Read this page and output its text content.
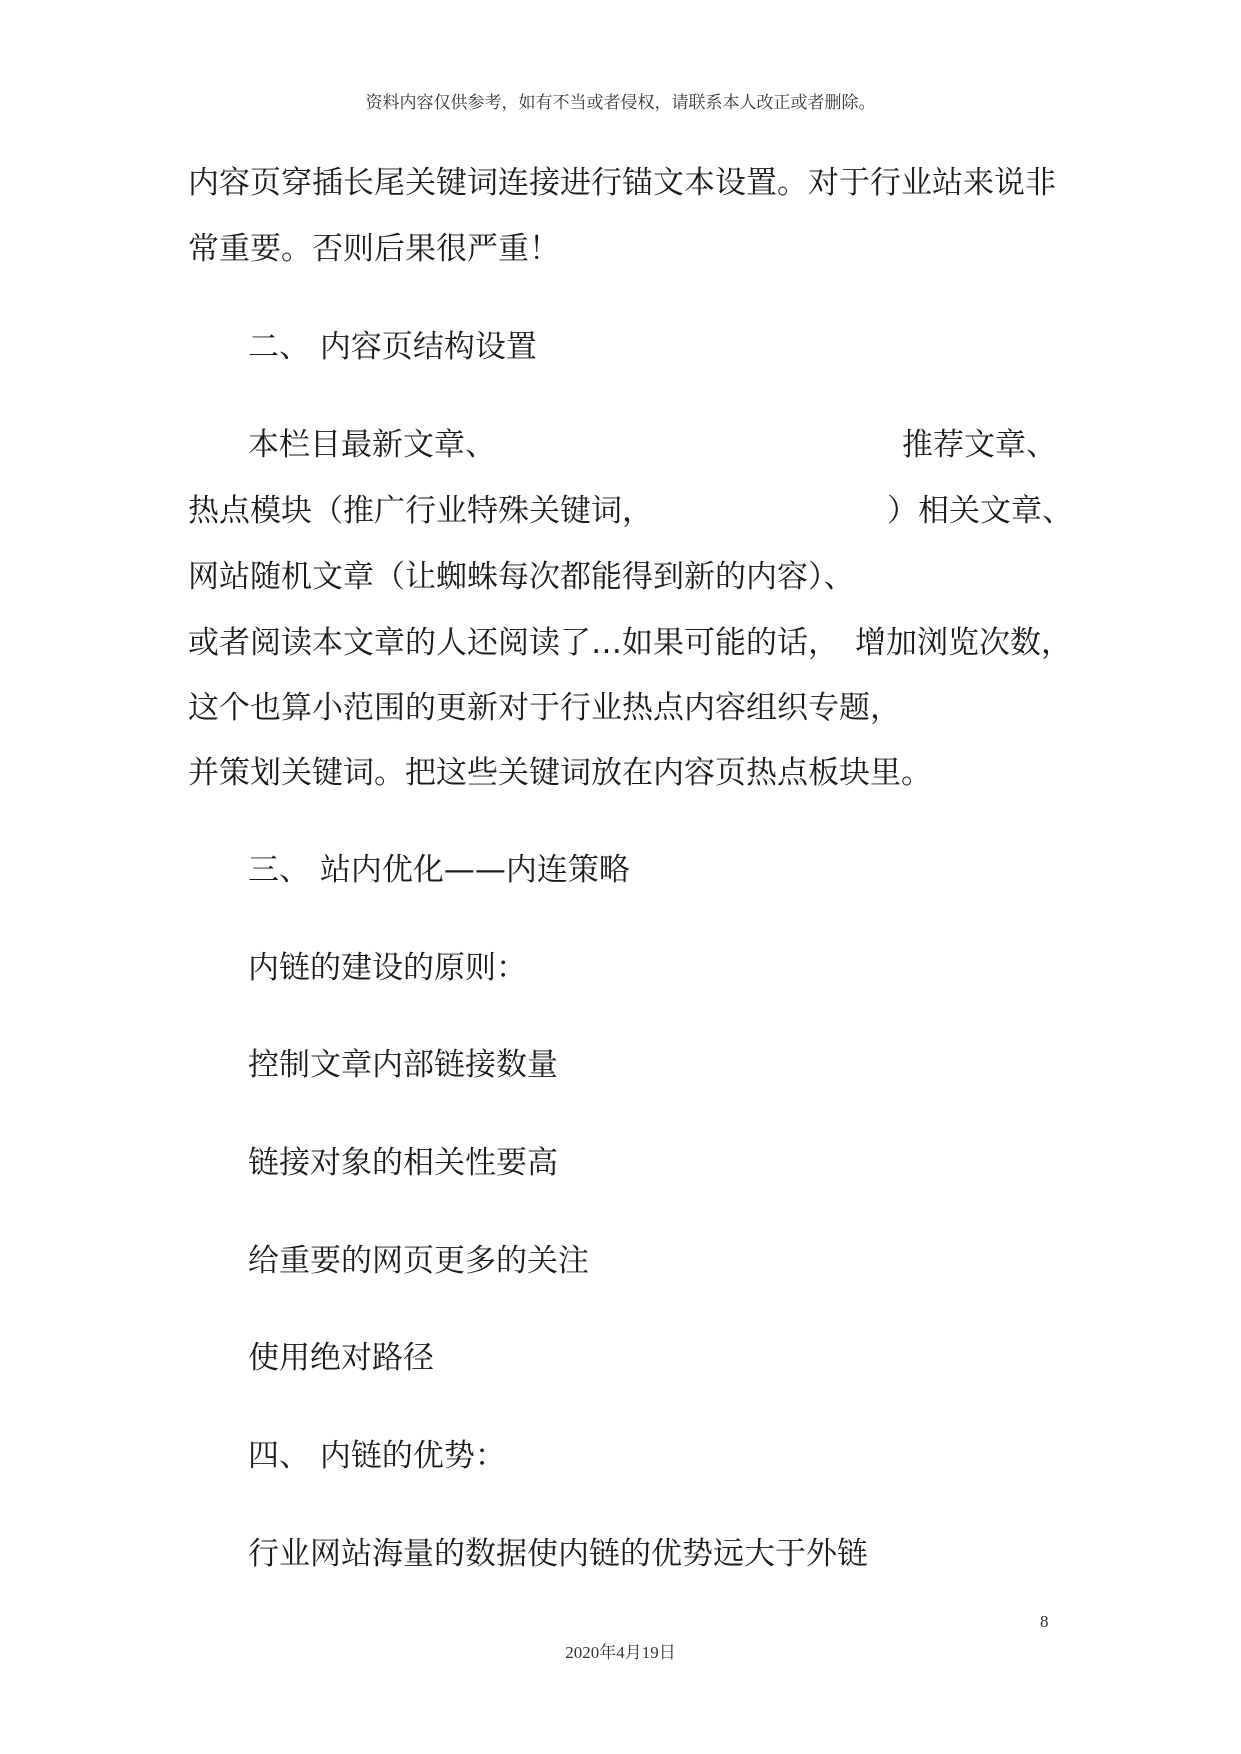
资料内容仅供参考，如有不当或者侵权，请联系本人改正或者删除。
内容页穿插长尾关键词连接进行锚文本设置。对于行业站来说非
常重要。否则后果很严重！
二、 内容页结构设置
本栏目最新文章、	推荐文章、
热点模块（推广行业特殊关键词，	）相关文章、
网站随机文章（让蜘蛛每次都能得到新的内容）、
或者阅读本文章的人还阅读了…如果可能的话， 增加浏览次数，
这个也算小范围的更新对于行业热点内容组织专题，
并策划关键词。把这些关键词放在内容页热点板块里。
三、 站内优化——内连策略
内链的建设的原则：
控制文章内部链接数量
链接对象的相关性要高
给重要的网页更多的关注
使用绝对路径
四、 内链的优势：
行业网站海量的数据使内链的优势远大于外链
8
2020年4月19日
